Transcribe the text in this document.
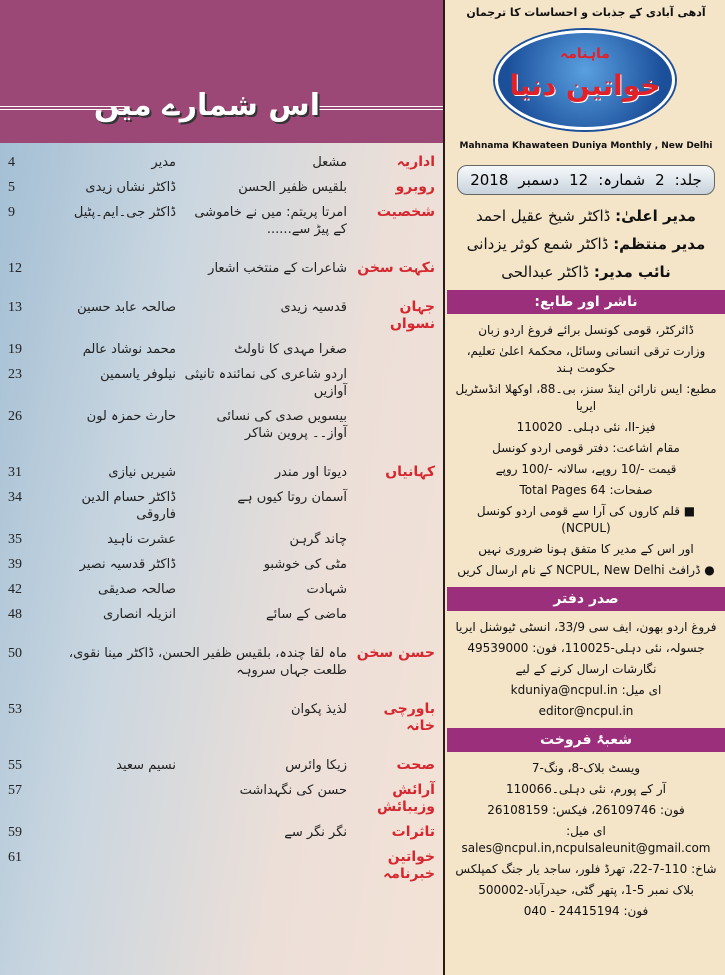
اس شمارے میں
اداریہ
مشعل
مدیر
4
روبرو
بلقیس ظفیر الحسن
ڈاکٹر نشاں زیدی
5
شخصیت
امرتا پریتم: میں نے خاموشی کے پیڑ سے......
ڈاکٹر جی۔ایم۔پٹیل
9
نکہت سخن
شاعرات کے منتخب اشعار
12
جہان نسواں
قدسیہ زیدی
صالحہ عابد حسین
13
صغرا مہدی کا ناولٹ
محمد نوشاد عالم
19
اردو شاعری کی نمائندہ تانیثی آوازیں
نیلوفر یاسمین
23
بیسویں صدی کی نسائی آواز۔۔ پروین شاکر
حارث حمزہ لون
26
کہانیاں
دیوتا اور مندر
شیریں نیازی
31
آسمان روتا کیوں ہے
ڈاکٹر حسام الدین فاروقی
34
چاند گرہن
عشرت ناہید
35
مٹی کی خوشبو
ڈاکٹر قدسیہ نصیر
39
شہادت
صالحہ صدیقی
42
ماضی کے سائے
انزیلہ انصاری
48
حسن سخن
ماہ لقا چندہ، بلقیس ظفیر الحسن، ڈاکٹر مینا نقوی، طلعت جہاں سروہہ
50
باورچی خانہ
لذیذ پکوان
53
صحت
زیکا وائرس
نسیم سعید
55
آرائش وزیبائش
حسن کی نگہداشت
57
تاثرات
نگر نگر سے
59
خواتین خبرنامہ
61
آدھی آبادی کے جذبات و احساسات کا ترجمان
ماہنامہ
خواتین دنیا
Mahnama Khawateen Duniya Monthly , New Delhi
جلد:
2
شمارہ:
12
دسمبر
2018
مدیر اعلیٰ: ڈاکٹر شیخ عقیل احمد
مدیر منتظم: ڈاکٹر شمع کوثر یزدانی
نائب مدیر: ڈاکٹر عبدالحی
ناشر اور طابع:
ڈائرکٹر، قومی کونسل برائے فروغ اردو زبان
وزارت ترقی انسانی وسائل، محکمۂ اعلیٰ تعلیم، حکومت ہند
مطبع: ایس نارائن اینڈ سنز، بی۔88، اوکھلا انڈسٹریل ایریا
فیز-II، نئی دہلی۔ 110020
مقام اشاعت: دفتر قومی اردو کونسل
قیمت -/10 روپے، سالانہ -/100 روپے
صفحات: Total Pages 64
■ قلم کاروں کی آرا سے قومی اردو کونسل (NCPUL)
اور اس کے مدیر کا متفق ہونا ضروری نہیں
● ڈرافٹ NCPUL, New Delhi کے نام ارسال کریں
صدر دفتر
فروغ اردو بھون، ایف سی 33/9، انسٹی ٹیوشنل ایریا
جسولہ، نئی دہلی-110025، فون: 49539000
نگارشات ارسال کرنے کے لیے
ای میل: kduniya@ncpul.in
editor@ncpul.in
شعبۂ فروخت
ویسٹ بلاک-8، ونگ-7
آر کے پورم، نئی دہلی۔110066
فون: 26109746، فیکس: 26108159
ای میل: sales@ncpul.in,ncpulsaleunit@gmail.com
شاخ: 110-7-22، تھرڈ فلور، ساجد یار جنگ کمپلکس
بلاک نمبر 5-1، پتھر گٹی، حیدرآباد-500002
فون: 24415194 - 040
